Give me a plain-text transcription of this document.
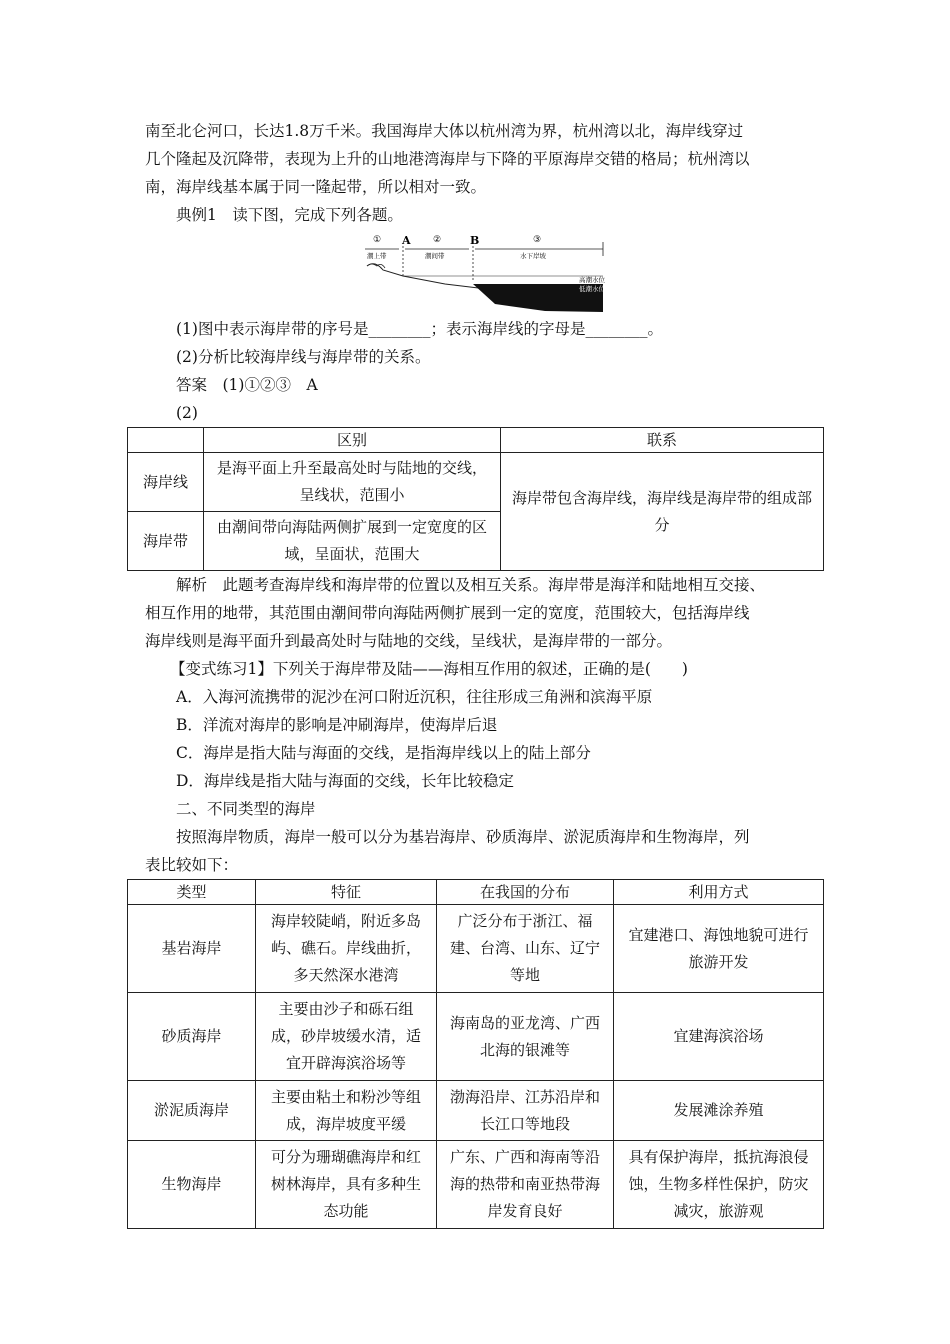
南至北仑河口，长达1.8万千米。我国海岸大体以杭州湾为界，杭州湾以北，海岸线穿过
几个隆起及沉降带，表现为上升的山地港湾海岸与下降的平原海岸交错的格局；杭州湾以
南，海岸线基本属于同一隆起带，所以相对一致。
典例1　读下图，完成下列各题。
① A ②	B	③
潮上带	潮间带	水下岸坡
高潮水位
低潮水位
(1)图中表示海岸带的序号是________；表示海岸线的字母是________。
(2)分析比较海岸线与海岸带的关系。
答案　(1)①②③　A
(2)
	区别	联系
海岸线	是海平面上升至最高处时与陆地的交线，呈线状，范围小	海岸带包含海岸线，海岸线是海岸带的组成部分
海岸带	由潮间带向海陆两侧扩展到一定宽度的区域，呈面状，范围大	
解析　此题考查海岸线和海岸带的位置以及相互关系。海岸带是海洋和陆地相互交接、
相互作用的地带，其范围由潮间带向海陆两侧扩展到一定的宽度，范围较大，包括海岸线
海岸线则是海平面升到最高处时与陆地的交线，呈线状，是海岸带的一部分。
【变式练习1】下列关于海岸带及陆——海相互作用的叙述，正确的是(　　)
A．入海河流携带的泥沙在河口附近沉积，往往形成三角洲和滨海平原
B．洋流对海岸的影响是冲刷海岸，使海岸后退
C．海岸是指大陆与海面的交线，是指海岸线以上的陆上部分
D．海岸线是指大陆与海面的交线，长年比较稳定
二、不同类型的海岸
按照海岸物质，海岸一般可以分为基岩海岸、砂质海岸、淤泥质海岸和生物海岸，列
表比较如下：
类型	特征	在我国的分布	利用方式
基岩海岸	海岸较陡峭，附近多岛屿、礁石。岸线曲折，多天然深水港湾	广泛分布于浙江、福建、台湾、山东、辽宁等地	宜建港口、海蚀地貌可进行旅游开发
砂质海岸	主要由沙子和砾石组成，砂岸坡缓水清，适宜开辟海滨浴场等	海南岛的亚龙湾、广西北海的银滩等	宜建海滨浴场
淤泥质海岸	主要由粘土和粉沙等组成，海岸坡度平缓	渤海沿岸、江苏沿岸和长江口等地段	发展滩涂养殖
生物海岸	可分为珊瑚礁海岸和红树林海岸，具有多种生态功能	广东、广西和海南等沿海的热带和南亚热带海岸发育良好	具有保护海岸，抵抗海浪侵蚀，生物多样性保护，防灾减灾，旅游观
